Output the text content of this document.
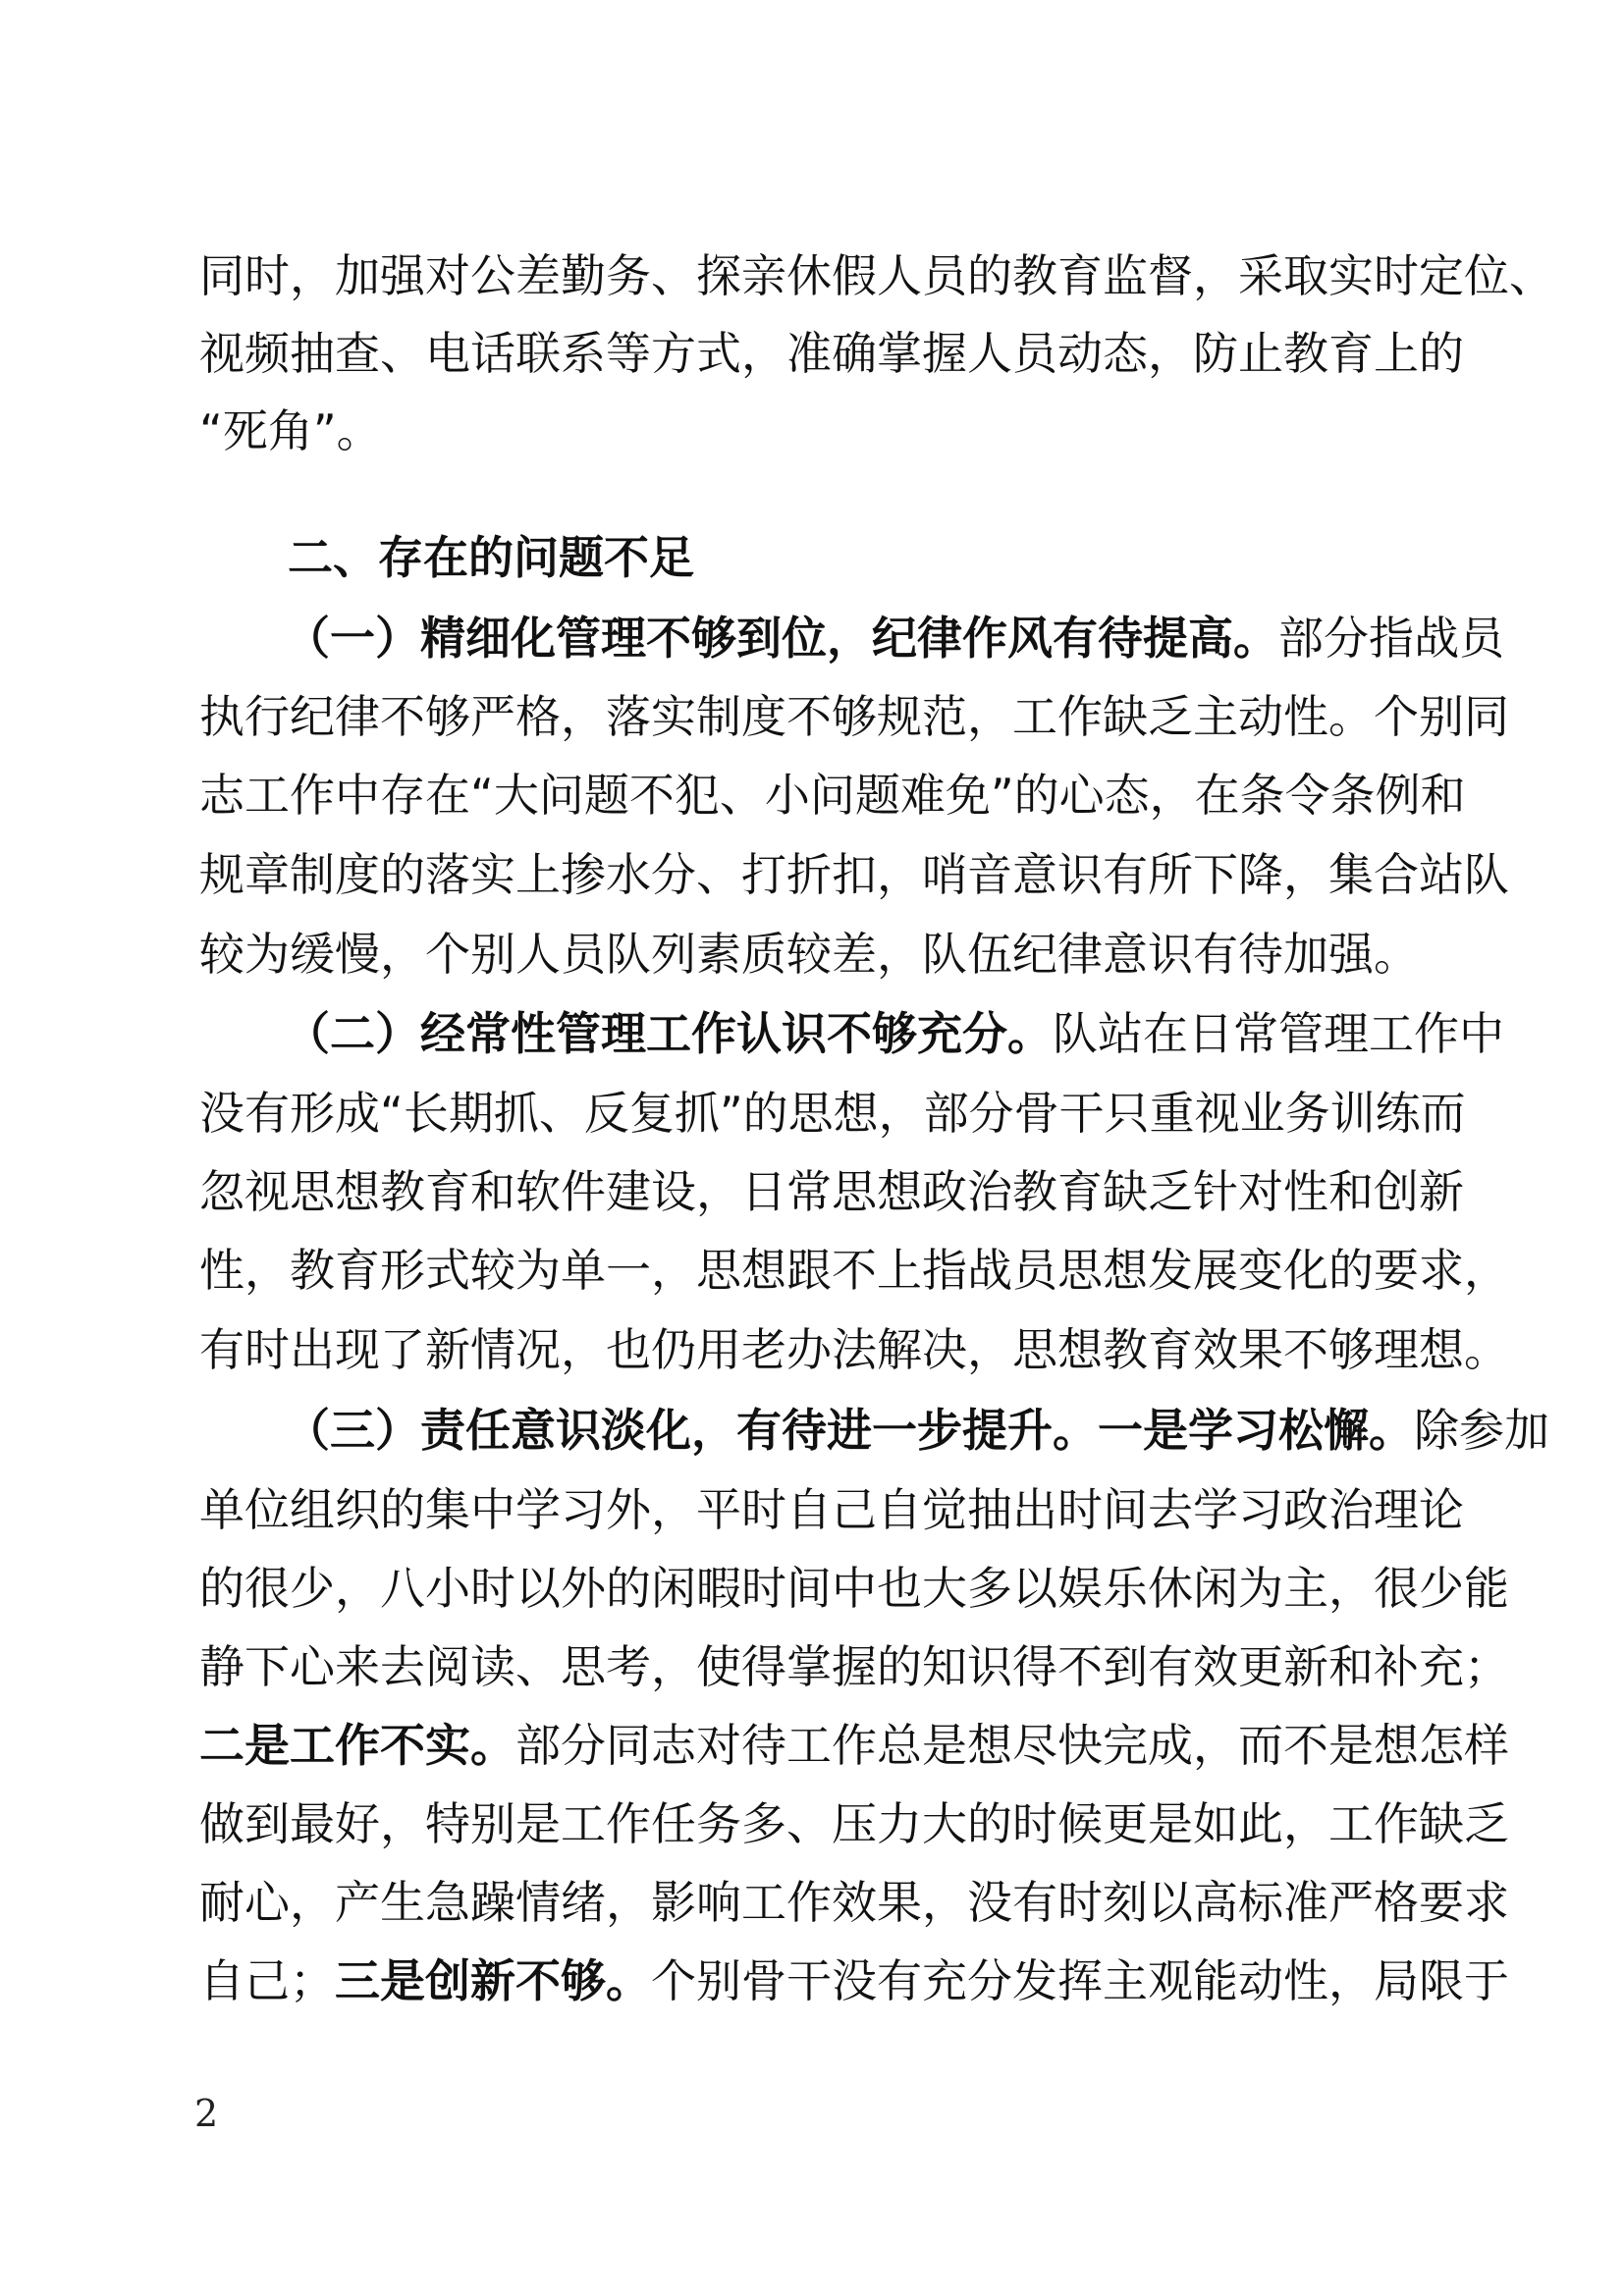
同时，加强对公差勤务、探亲休假人员的教育监督，采取实时定位、
视频抽查、电话联系等方式，准确掌握人员动态，防止教育上的
“死角”。
二、存在的问题不足
（一）精细化管理不够到位，纪律作风有待提高。部分指战员
执行纪律不够严格，落实制度不够规范，工作缺乏主动性。个别同
志工作中存在“大问题不犯、小问题难免”的心态，在条令条例和
规章制度的落实上掺水分、打折扣，哨音意识有所下降，集合站队
较为缓慢，个别人员队列素质较差，队伍纪律意识有待加强。
（二）经常性管理工作认识不够充分。队站在日常管理工作中
没有形成“长期抓、反复抓”的思想，部分骨干只重视业务训练而
忽视思想教育和软件建设，日常思想政治教育缺乏针对性和创新
性，教育形式较为单一，思想跟不上指战员思想发展变化的要求，
有时出现了新情况，也仍用老办法解决，思想教育效果不够理想。
（三）责任意识淡化，有待进一步提升。一是学习松懈。除参加
单位组织的集中学习外，平时自己自觉抽出时间去学习政治理论
的很少，八小时以外的闲暇时间中也大多以娱乐休闲为主，很少能
静下心来去阅读、思考，使得掌握的知识得不到有效更新和补充；
二是工作不实。部分同志对待工作总是想尽快完成，而不是想怎样
做到最好，特别是工作任务多、压力大的时候更是如此，工作缺乏
耐心，产生急躁情绪，影响工作效果，没有时刻以高标准严格要求
自己；三是创新不够。个别骨干没有充分发挥主观能动性，局限于
2
